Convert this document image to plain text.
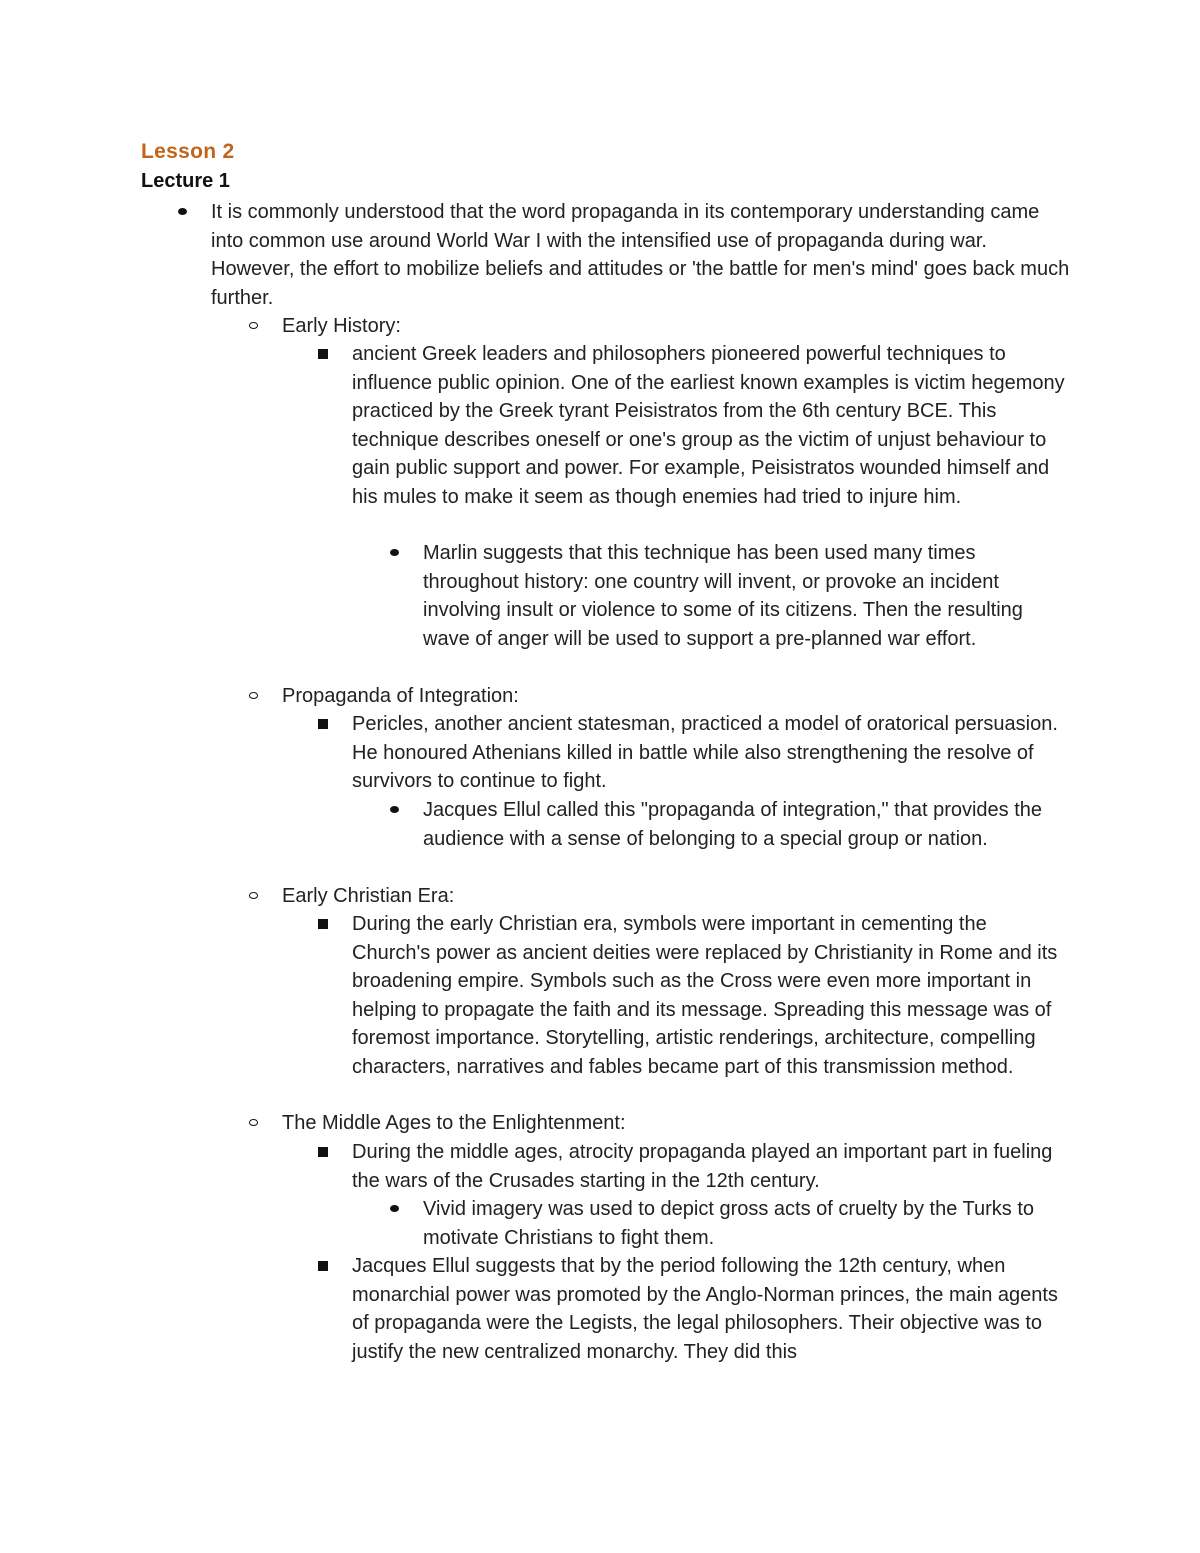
Lesson 2
Lecture 1
It is commonly understood that the word propaganda in its contemporary understanding came into common use around World War I with the intensified use of propaganda during war. However, the effort to mobilize beliefs and attitudes or 'the battle for men's mind' goes back much further.
Early History:
ancient Greek leaders and philosophers pioneered powerful techniques to influence public opinion. One of the earliest known examples is victim hegemony practiced by the Greek tyrant Peisistratos from the 6th century BCE. This technique describes oneself or one's group as the victim of unjust behaviour to gain public support and power. For example, Peisistratos wounded himself and his mules to make it seem as though enemies had tried to injure him.
Marlin suggests that this technique has been used many times throughout history: one country will invent, or provoke an incident involving insult or violence to some of its citizens. Then the resulting wave of anger will be used to support a pre-planned war effort.
Propaganda of Integration:
Pericles, another ancient statesman, practiced a model of oratorical persuasion. He honoured Athenians killed in battle while also strengthening the resolve of survivors to continue to fight.
Jacques Ellul called this "propaganda of integration," that provides the audience with a sense of belonging to a special group or nation.
Early Christian Era:
During the early Christian era, symbols were important in cementing the Church's power as ancient deities were replaced by Christianity in Rome and its broadening empire. Symbols such as the Cross were even more important in helping to propagate the faith and its message. Spreading this message was of foremost importance. Storytelling, artistic renderings, architecture, compelling characters, narratives and fables became part of this transmission method.
The Middle Ages to the Enlightenment:
During the middle ages, atrocity propaganda played an important part in fueling the wars of the Crusades starting in the 12th century.
Vivid imagery was used to depict gross acts of cruelty by the Turks to motivate Christians to fight them.
Jacques Ellul suggests that by the period following the 12th century, when monarchial power was promoted by the Anglo-Norman princes, the main agents of propaganda were the Legists, the legal philosophers. Their objective was to justify the new centralized monarchy. They did this
